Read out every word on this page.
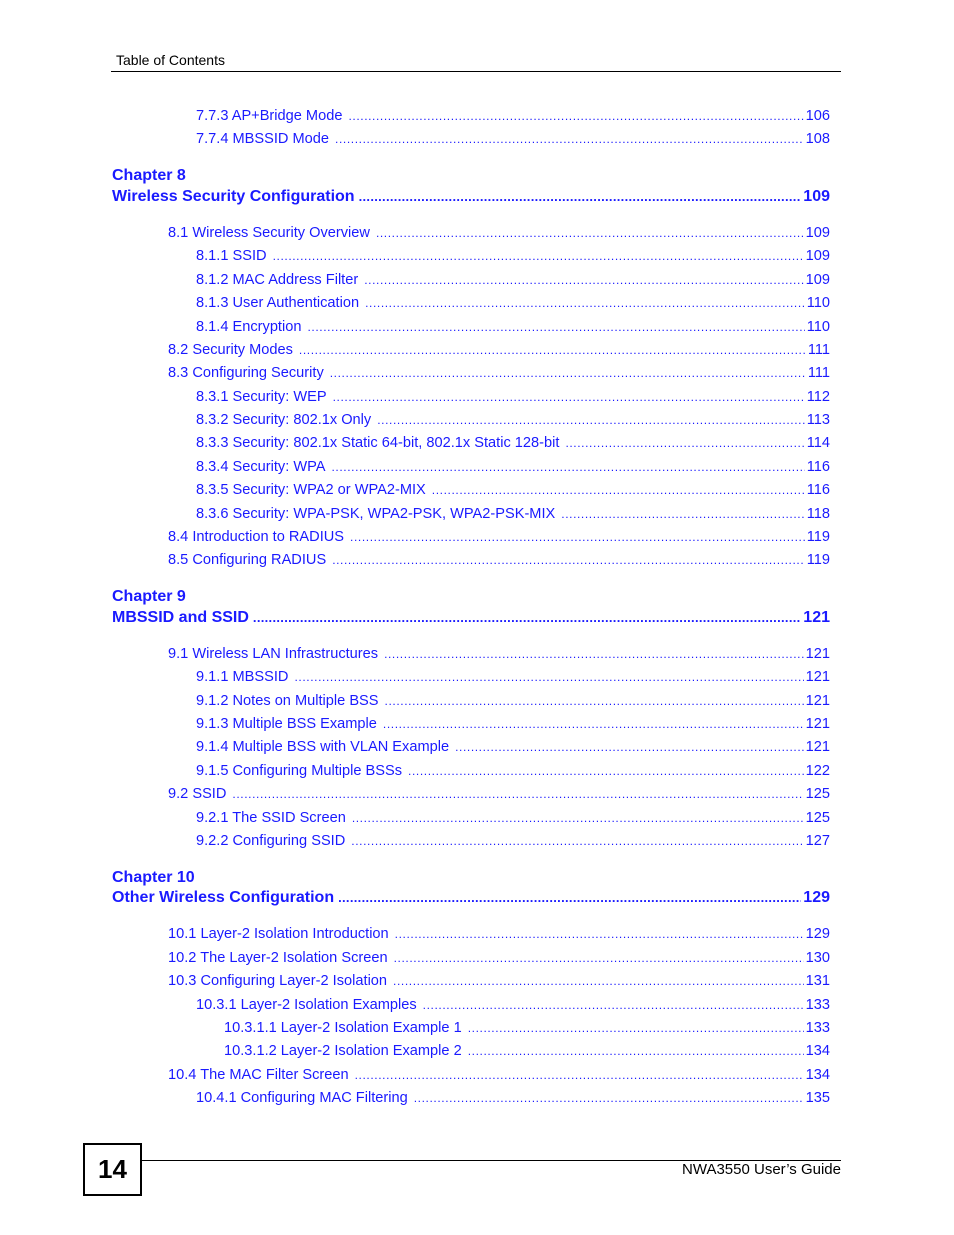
Table of Contents
7.7.3 AP+Bridge Mode .....	106
7.7.4 MBSSID Mode .....	108
Chapter 8
Wireless Security Configuration .....	109
8.1 Wireless Security Overview .....	109
8.1.1 SSID .....	109
8.1.2 MAC Address Filter .....	109
8.1.3 User Authentication .....	110
8.1.4 Encryption .....	110
8.2 Security Modes .....	111
8.3 Configuring Security .....	111
8.3.1 Security: WEP .....	112
8.3.2 Security: 802.1x Only .....	113
8.3.3 Security: 802.1x Static 64-bit, 802.1x Static 128-bit .....	114
8.3.4 Security: WPA .....	116
8.3.5 Security: WPA2 or WPA2-MIX .....	116
8.3.6 Security: WPA-PSK, WPA2-PSK, WPA2-PSK-MIX .....	118
8.4 Introduction to RADIUS .....	119
8.5 Configuring RADIUS .....	119
Chapter 9
MBSSID and SSID .....	121
9.1 Wireless LAN Infrastructures .....	121
9.1.1 MBSSID .....	121
9.1.2 Notes on Multiple BSS .....	121
9.1.3 Multiple BSS Example .....	121
9.1.4 Multiple BSS with VLAN Example .....	121
9.1.5 Configuring Multiple BSSs .....	122
9.2 SSID .....	125
9.2.1 The SSID Screen .....	125
9.2.2 Configuring SSID .....	127
Chapter 10
Other Wireless Configuration .....	129
10.1 Layer-2 Isolation Introduction .....	129
10.2 The Layer-2 Isolation Screen .....	130
10.3 Configuring Layer-2 Isolation .....	131
10.3.1 Layer-2 Isolation Examples .....	133
10.3.1.1 Layer-2 Isolation Example 1 .....	133
10.3.1.2 Layer-2 Isolation Example 2 .....	134
10.4 The MAC Filter Screen .....	134
10.4.1 Configuring MAC Filtering .....	135
14	NWA3550 User’s Guide
